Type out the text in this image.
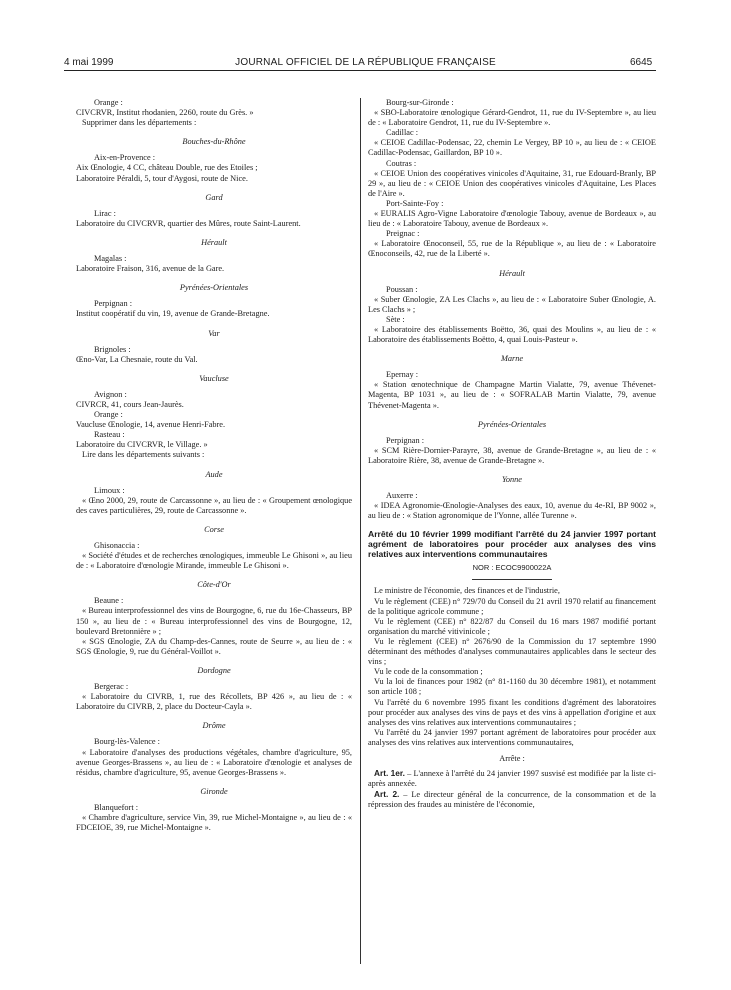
4 mai 1999	JOURNAL OFFICIEL DE LA RÉPUBLIQUE FRANÇAISE	6645

Orange :

CIVCRVR, Institut rhodanien, 2260, route du Grès. »

Supprimer dans les départements :

Bouches-du-Rhône

Aix-en-Provence :

Aix Œnologie, 4 CC, château Double, rue des Etoiles ;

Laboratoire Péraldi, 5, tour d'Aygosi, route de Nice.

Gard

Lirac :

Laboratoire du CIVCRVR, quartier des Mûres, route Saint-Laurent.

Hérault

Magalas :

Laboratoire Fraison, 316, avenue de la Gare.

Pyrénées-Orientales

Perpignan :

Institut coopératif du vin, 19, avenue de Grande-Bretagne.

Var

Brignoles :

Œno-Var, La Chesnaie, route du Val.

Vaucluse

Avignon :

CIVRCR, 41, cours Jean-Jaurès.

Orange :

Vaucluse Œnologie, 14, avenue Henri-Fabre.

Rasteau :

Laboratoire du CIVCRVR, le Village. »

Lire dans les départements suivants :

Aude

Limoux :

« Œno 2000, 29, route de Carcassonne », au lieu de : « Groupement œnologique des caves particulières, 29, route de Carcassonne ».

Corse

Ghisonaccia :

« Société d'études et de recherches œnologiques, immeuble Le Ghisoni », au lieu de : « Laboratoire d'œnologie Mirande, immeuble Le Ghisoni ».

Côte-d'Or

Beaune :

« Bureau interprofessionnel des vins de Bourgogne, 6, rue du 16e-Chasseurs, BP 150 », au lieu de : « Bureau interprofessionnel des vins de Bourgogne, 12, boulevard Bretonnière » ;

« SGS Œnologie, ZA du Champ-des-Cannes, route de Seurre », au lieu de : « SGS Œnologie, 9, rue du Général-Voillot ».

Dordogne

Bergerac :

« Laboratoire du CIVRB, 1, rue des Récollets, BP 426 », au lieu de : « Laboratoire du CIVRB, 2, place du Docteur-Cayla ».

Drôme

Bourg-lès-Valence :

« Laboratoire d'analyses des productions végétales, chambre d'agriculture, 95, avenue Georges-Brassens », au lieu de : « Laboratoire d'œnologie et analyses de résidus, chambre d'agriculture, 95, avenue Georges-Brassens ».

Gironde

Blanquefort :

« Chambre d'agriculture, service Vin, 39, rue Michel-Montaigne », au lieu de : « FDCEIOE, 39, rue Michel-Montaigne ».

Bourg-sur-Gironde :

« SBO-Laboratoire œnologique Gérard-Gendrot, 11, rue du IV-Septembre », au lieu de : « Laboratoire Gendrot, 11, rue du IV-Septembre ».

Cadillac :

« CEIOE Cadillac-Podensac, 22, chemin Le Vergey, BP 10 », au lieu de : « CEIOE Cadillac-Podensac, Gaillardon, BP 10 ».

Coutras :

« CEIOE Union des coopératives vinicoles d'Aquitaine, 31, rue Edouard-Branly, BP 29 », au lieu de : « CEIOE Union des coopératives vinicoles d'Aquitaine, Les Places de l'Aire ».

Port-Sainte-Foy :

« EURALIS Agro-Vigne Laboratoire d'œnologie Tabouy, avenue de Bordeaux », au lieu de : « Laboratoire Tabouy, avenue de Bordeaux ».

Preignac :

« Laboratoire Œnoconseil, 55, rue de la République », au lieu de : « Laboratoire Œnoconseils, 42, rue de la Liberté ».

Hérault

Poussan :

« Suber Œnologie, ZA Les Clachs », au lieu de : « Laboratoire Suber Œnologie, A. Les Clachs » ;

Sète :

« Laboratoire des établissements Boëtto, 36, quai des Moulins », au lieu de : « Laboratoire des établissements Boëtto, 4, quai Louis-Pasteur ».

Marne

Epernay :

« Station œnotechnique de Champagne Martin Vialatte, 79, avenue Thévenet-Magenta, BP 1031 », au lieu de : « SOFRALAB Martin Vialatte, 79, avenue Thévenet-Magenta ».

Pyrénées-Orientales

Perpignan :

« SCM Rière-Dornier-Parayre, 38, avenue de Grande-Bretagne », au lieu de : « Laboratoire Rière, 38, avenue de Grande-Bretagne ».

Yonne

Auxerre :

« IDEA Agronomie-Œnologie-Analyses des eaux, 10, avenue du 4e-RI, BP 9002 », au lieu de : « Station agronomique de l'Yonne, allée Turenne ».

Arrêté du 10 février 1999 modifiant l'arrêté du 24 janvier 1997 portant agrément de laboratoires pour procéder aux analyses des vins relatives aux interventions communautaires

NOR : ECOC9900022A

Le ministre de l'économie, des finances et de l'industrie,

Vu le règlement (CEE) n° 729/70 du Conseil du 21 avril 1970 relatif au financement de la politique agricole commune ;

Vu le règlement (CEE) n° 822/87 du Conseil du 16 mars 1987 modifié portant organisation du marché vitivinicole ;

Vu le règlement (CEE) n° 2676/90 de la Commission du 17 septembre 1990 déterminant des méthodes d'analyses communautaires applicables dans le secteur des vins ;

Vu le code de la consommation ;

Vu la loi de finances pour 1982 (n° 81-1160 du 30 décembre 1981), et notamment son article 108 ;

Vu l'arrêté du 6 novembre 1995 fixant les conditions d'agrément des laboratoires pour procéder aux analyses des vins de pays et des vins à appellation d'origine et aux analyses des vins relatives aux interventions communautaires ;

Vu l'arrêté du 24 janvier 1997 portant agrément de laboratoires pour procéder aux analyses des vins relatives aux interventions communautaires,

Arrête :

Art. 1er. – L'annexe à l'arrêté du 24 janvier 1997 susvisé est modifiée par la liste ci-après annexée.

Art. 2. – Le directeur général de la concurrence, de la consommation et de la répression des fraudes au ministère de l'économie,
